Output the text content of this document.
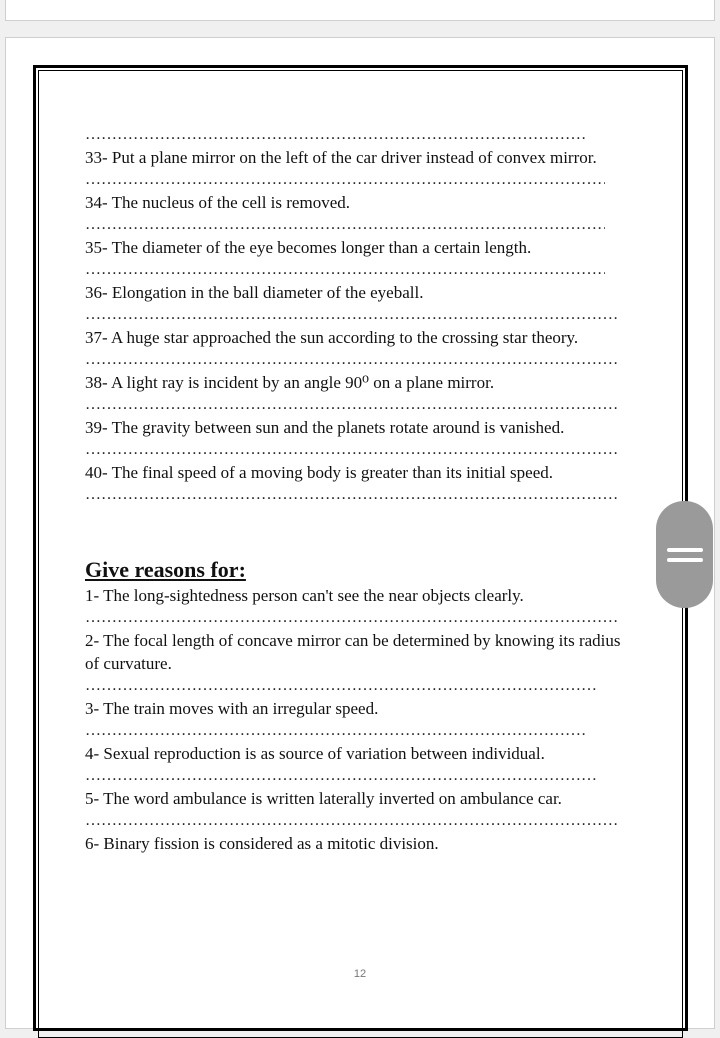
12
……………………………………………………………………………………………………………………………
33- Put a plane mirror on the left of the car driver instead of convex mirror.
……………………………………………………………………………………………………………………………
34- The nucleus of the cell is removed.
……………………………………………………………………………………………………………………………
35- The diameter of the eye becomes longer than a certain length.
……………………………………………………………………………………………………………………………
36- Elongation in the ball diameter of the eyeball.
……………………………………………………………………………………………………………………………
37- A huge star approached the sun according to the crossing star theory.
……………………………………………………………………………………………………………………………
38- A light ray is incident by an angle 90⁰ on a plane mirror.
……………………………………………………………………………………………………………………………
39- The gravity between sun and the planets rotate around is vanished.
……………………………………………………………………………………………………………………………
40- The final speed of a moving body is greater than its initial speed.
……………………………………………………………………………………………………………………………
Give reasons for:
1- The long-sightedness person can't see the near objects clearly.
……………………………………………………………………………………………………………………………
2- The focal length of concave mirror can be determined by knowing its radius of curvature.
……………………………………………………………………………………………………………………………
3- The train moves with an irregular speed.
……………………………………………………………………………………………………………………………
4- Sexual reproduction is as source of variation between individual.
……………………………………………………………………………………………………………………………
5- The word ambulance is written laterally inverted on ambulance car.
……………………………………………………………………………………………………………………………
6- Binary fission is considered as a mitotic division.
